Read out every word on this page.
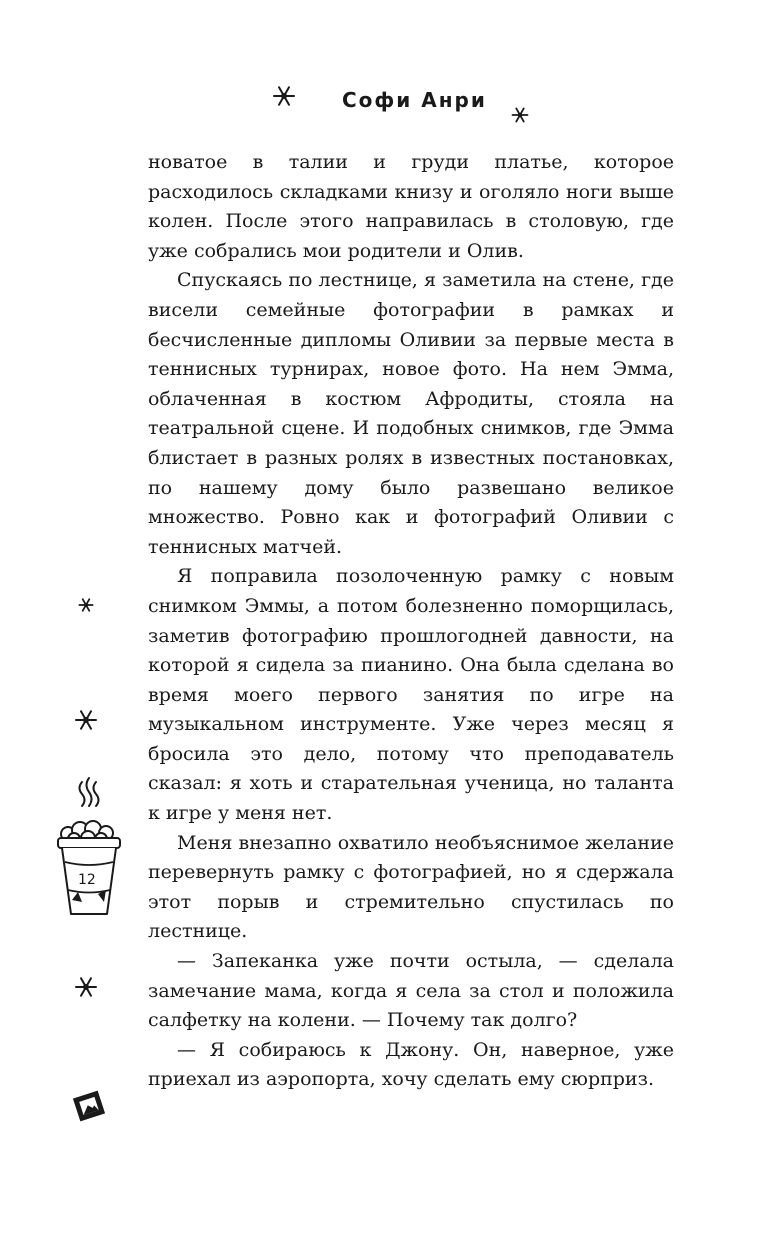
Софи Анри

новатое в талии и груди платье, которое расходилось складками книзу и оголяло ноги выше колен. После этого направилась в столовую, где уже собрались мои родители и Олив.

Спускаясь по лестнице, я заметила на стене, где висели семейные фотографии в рамках и бесчисленные дипломы Оливии за первые места в теннисных турнирах, новое фото. На нем Эмма, облаченная в костюм Афродиты, стояла на театральной сцене. И подобных снимков, где Эмма блистает в разных ролях в известных постановках, по нашему дому было развешано великое множество. Ровно как и фотографий Оливии с теннисных матчей.

Я поправила позолоченную рамку с новым снимком Эммы, а потом болезненно поморщилась, заметив фотографию прошлогодней давности, на которой я сидела за пианино. Она была сделана во время моего первого занятия по игре на музыкальном инструменте. Уже через месяц я бросила это дело, потому что преподаватель сказал: я хоть и старательная ученица, но таланта к игре у меня нет.

Меня внезапно охватило необъяснимое желание перевернуть рамку с фотографией, но я сдержала этот порыв и стремительно спустилась по лестнице.

— Запеканка уже почти остыла, — сделала замечание мама, когда я села за стол и положила салфетку на колени. — Почему так долго?

— Я собираюсь к Джону. Он, наверное, уже приехал из аэропорта, хочу сделать ему сюрприз.

12
